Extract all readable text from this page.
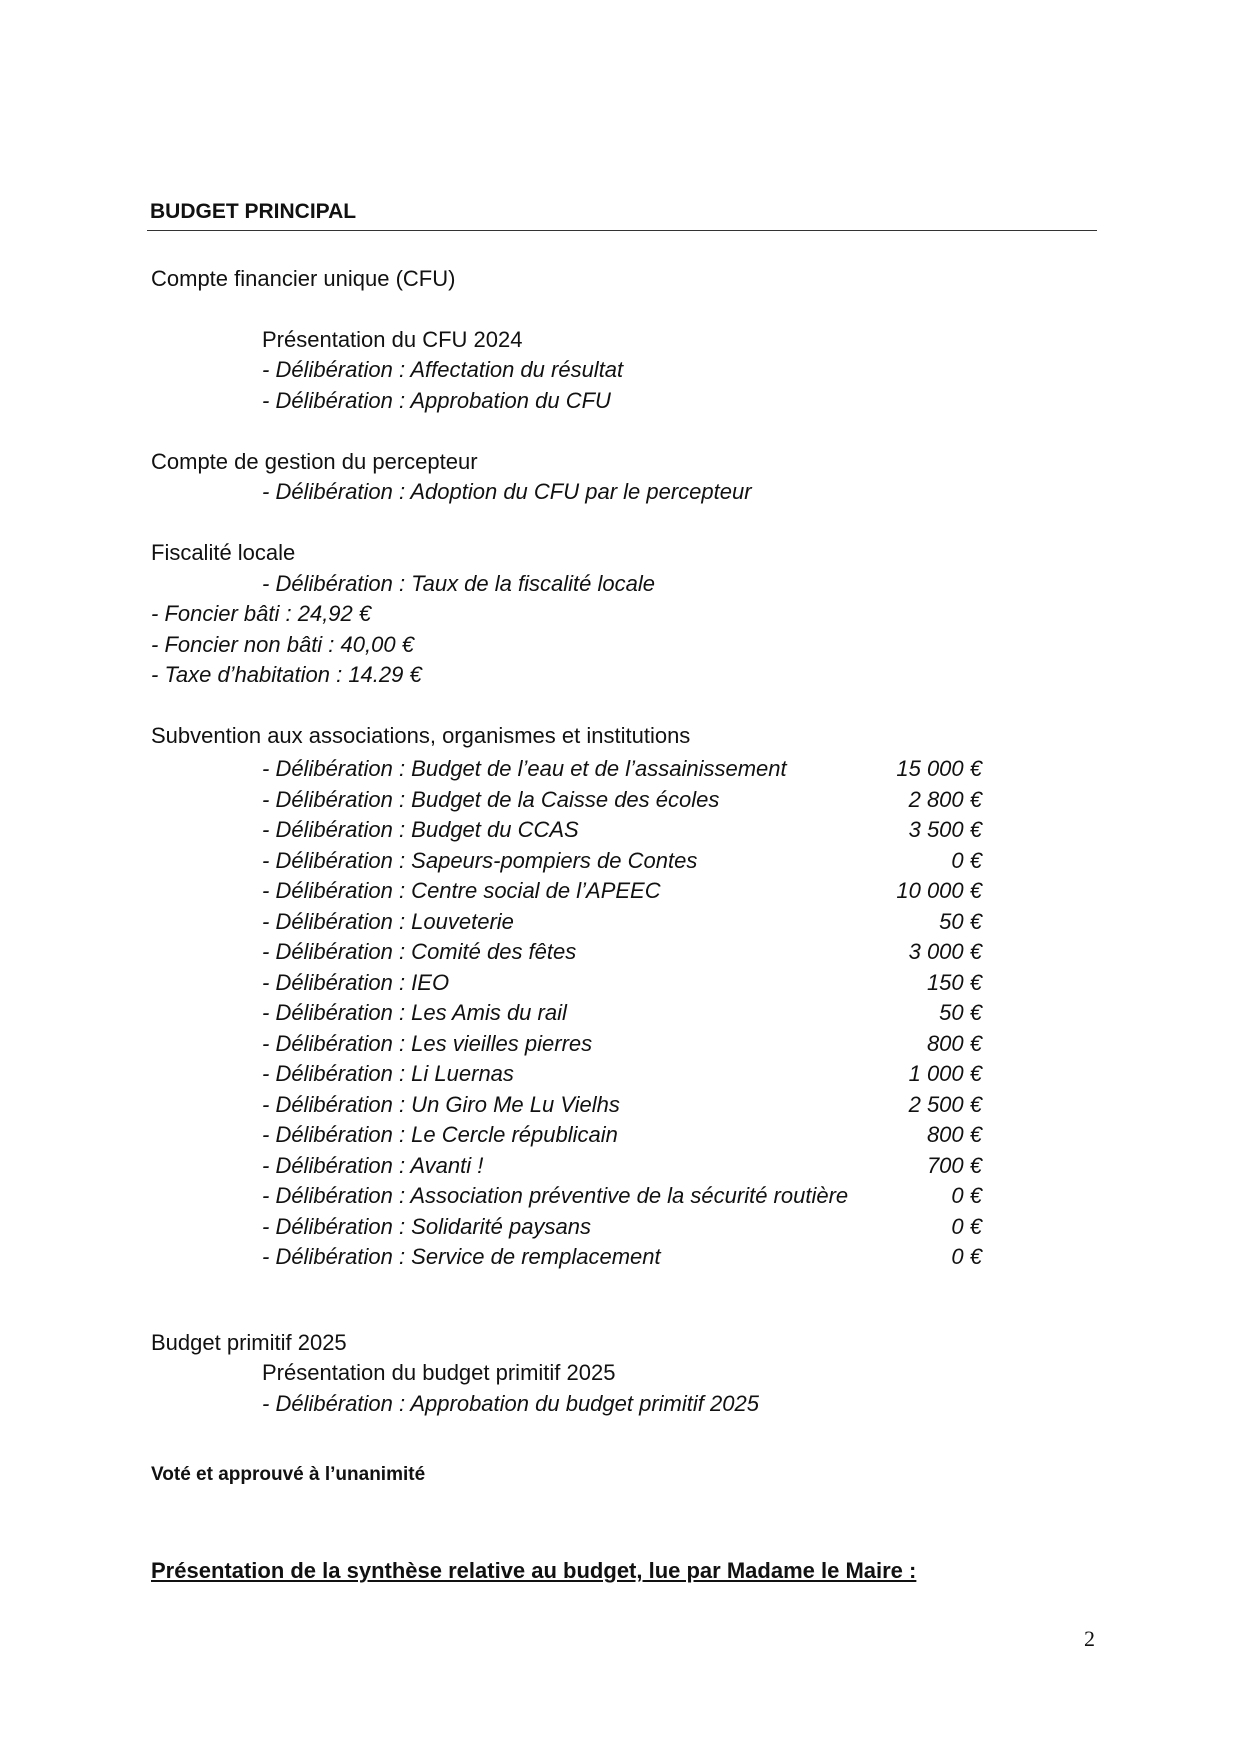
BUDGET PRINCIPAL
Compte financier unique (CFU)
Présentation du CFU 2024
- Délibération : Affectation du résultat
- Délibération : Approbation du CFU
Compte de gestion du percepteur
- Délibération : Adoption du CFU par le percepteur
Fiscalité locale
- Délibération : Taux de la fiscalité locale
- Foncier bâti : 24,92 €
- Foncier non bâti : 40,00 €
- Taxe d’habitation : 14.29 €
Subvention aux associations, organismes et institutions
- Délibération : Budget de l’eau et de l’assainissement	15 000 €
- Délibération : Budget de la Caisse des écoles	2 800 €
- Délibération : Budget du CCAS	3 500 €
- Délibération : Sapeurs-pompiers de Contes	0 €
- Délibération : Centre social de l’APEEC	10 000 €
- Délibération : Louveterie	50 €
- Délibération : Comité des fêtes	3 000 €
- Délibération : IEO	150 €
- Délibération : Les Amis du rail	50 €
- Délibération : Les vieilles pierres	800 €
- Délibération : Li Luernas	1 000 €
- Délibération : Un Giro Me Lu Vielhs	2 500 €
- Délibération : Le Cercle républicain	800 €
- Délibération : Avanti !	700 €
- Délibération : Association préventive de la sécurité routière	0 €
- Délibération : Solidarité paysans	0 €
- Délibération : Service de remplacement	0 €
Budget primitif 2025
Présentation du budget primitif 2025
- Délibération : Approbation du budget primitif 2025
Voté et approuvé à l’unanimité
Présentation de la synthèse relative au budget, lue par Madame le Maire :
2
